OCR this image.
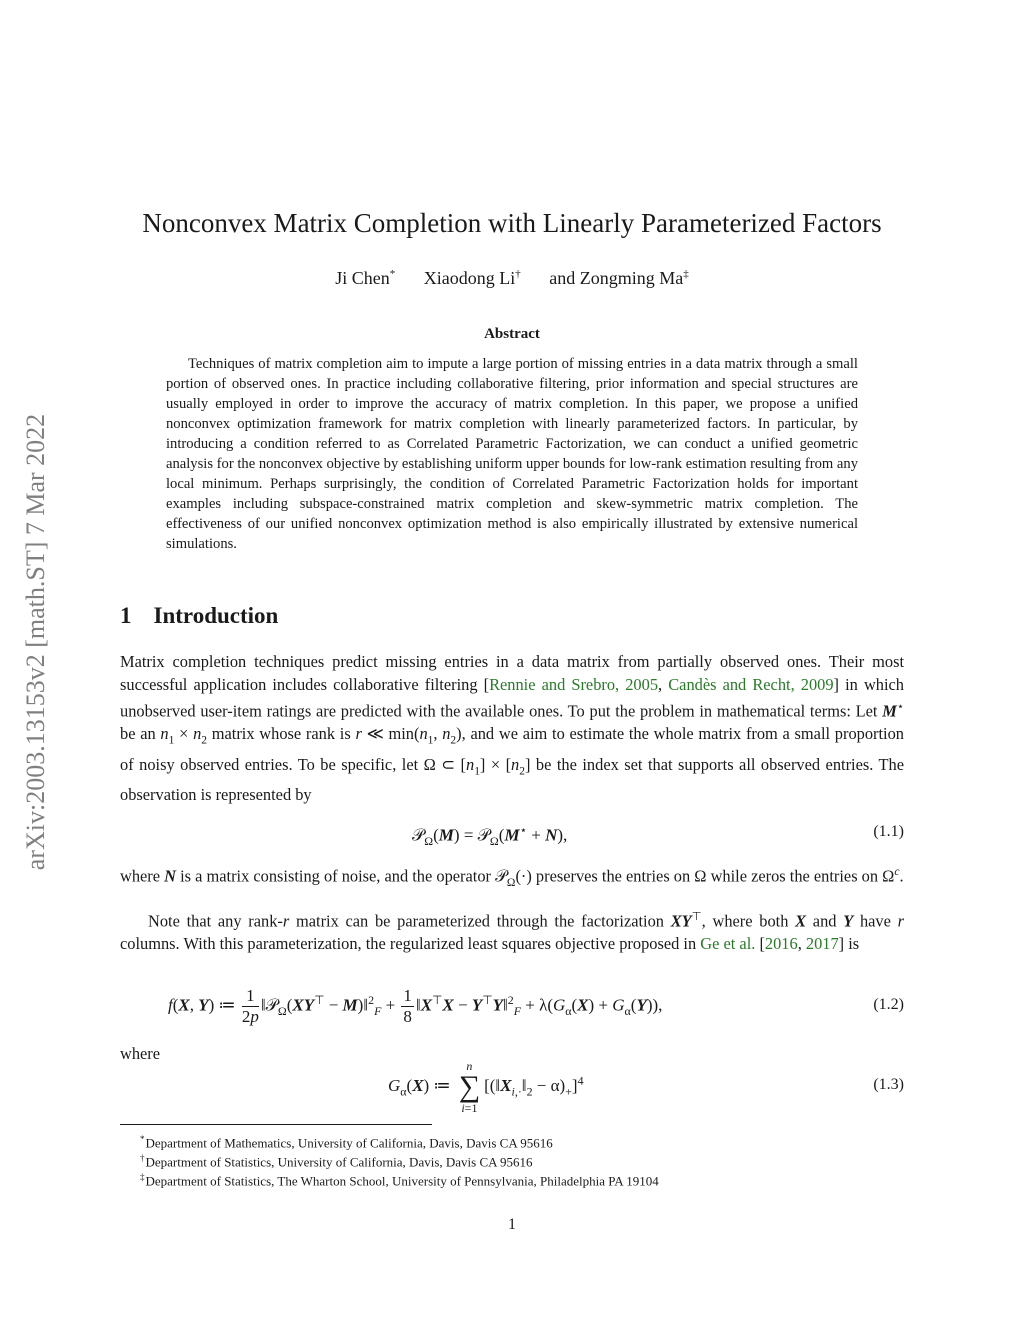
arXiv:2003.13153v2 [math.ST] 7 Mar 2022
Nonconvex Matrix Completion with Linearly Parameterized Factors
Ji Chen* Xiaodong Li† and Zongming Ma‡
Abstract

Techniques of matrix completion aim to impute a large portion of missing entries in a data matrix through a small portion of observed ones. In practice including collaborative filtering, prior information and special structures are usually employed in order to improve the accuracy of matrix completion. In this paper, we propose a unified nonconvex optimization framework for matrix completion with linearly parameterized factors. In particular, by introducing a condition referred to as Correlated Parametric Factorization, we can conduct a unified geometric analysis for the nonconvex objective by establishing uniform upper bounds for low-rank estimation resulting from any local minimum. Perhaps surprisingly, the condition of Correlated Parametric Factorization holds for important examples including subspace-constrained matrix completion and skew-symmetric matrix completion. The effectiveness of our unified nonconvex optimization method is also empirically illustrated by extensive numerical simulations.

1 Introduction

Matrix completion techniques predict missing entries in a data matrix from partially observed ones. Their most successful application includes collaborative filtering [Rennie and Srebro, 2005, Candès and Recht, 2009] in which unobserved user-item ratings are predicted with the available ones. To put the problem in mathematical terms: Let M⋆ be an $n_1 \times n_2$ matrix whose rank is r ≪ $\min(n_1$, $n_2$), and we aim to estimate the whole matrix from a small proportion of noisy observed entries. To be specific, let Ω ⊂ $[n_1] \times [n_2]$ be the index set that supports all observed entries. The observation is represented by

𝒫$_\Omega$(M) = 𝒫$_\Omega$(M⋆ + N),	(1.1)

where N is a matrix consisting of noise, and the operator 𝒫$_\Omega$(·) preserves the entries on Ω while zeros the entries on $\Omega^c$.

Note that any rank-r matrix can be parameterized through the factorization XY⊤, where both X and Y have r columns. With this parameterization, the regularized least squares objective proposed in Ge et al. [2016, 2017] is

f(X, Y) ≔ $\frac{1}{2p}$ ‖𝒫$_\Omega$(XY⊤ − M)‖$^2_F$ + $\frac{1}{8}$ ‖X⊤X − Y⊤Y‖$^2_F$ + $\lambda(G_\alpha(X) + G_\alpha(Y))$,	(1.2)

where

$G_\alpha(X)$ ≔
n
∑
i=1
$[(‖X_{i,\cdot}‖_2 - \alpha)_+]^4$	(1.3)
*Department of Mathematics, University of California, Davis, Davis CA 95616
†Department of Statistics, University of California, Davis, Davis CA 95616
‡Department of Statistics, The Wharton School, University of Pennsylvania, Philadelphia PA 19104
1
